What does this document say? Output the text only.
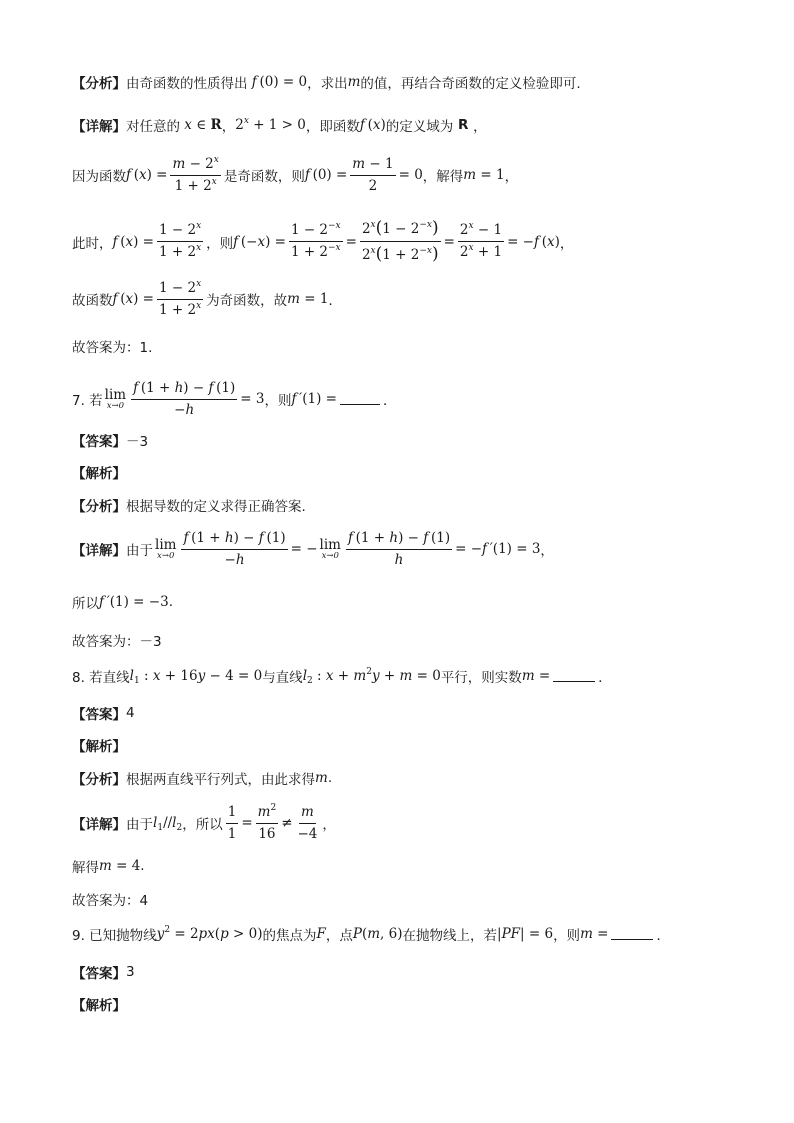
【分析】 由奇函数的性质得出 f (0) = 0 ，求出 m 的值，再结合奇函数的定义检验即可.
【详解】 对任意的 x ∈ R ， $2^x + 1 > 0$ ，即函数 f (x) 的定义域为 R ，
因为函数 f $(x) = \frac{m - 2^x}{1 + 2^x}$ 是奇函数，则 f $(0) = \frac{m - 1}{2} = 0$ ，解得 m = 1 ，
此时， f $(x) = \frac{1 - 2^x}{1 + 2^x}$ ，则 f $(-x) = \frac{1 - 2^{-x}}{1 + 2^{-x}} = \frac{2^x(1 - 2^{-x})}{2^x(1 + 2^{-x})} = \frac{2^x - 1}{2^x + 1} = -f$ (x) ，
故函数 f $(x) = \frac{1 - 2^x}{1 + 2^x}$ 为奇函数，故 m = 1 ．
故答案为：1.
7. 若 lim
$x\to 0 \frac{f (1 + h) - f (1)}{-h} = 3$ ，则 f ′(1) =	．
【答案】 －3
【解析】
【分析】 根据导数的定义求得正确答案.
【详解】 由于 lim
$x\to 0 \frac{f (1 + h) - f (1)}{-h}$ = − lim
$x\to 0 \frac{f (1 + h) - f (1)}{h} = -f$ ′(1) = 3 ，
所以 f ′(1) = −3 .
故答案为：－3
8. 若直线 $l_1$ : x + 16y − 4 = 0 与直线 $l_2$ : $x + m^2y + m = 0$ 平行，则实数 m =	．
【答案】 4
【解析】
【分析】 根据两直线平行列式，由此求得 m .
【详解】 由于 $l_1//l_2$ ，所以 $\frac{1}{1} = \frac{m^2}{16} \ne \frac{m}{-4}$ ，
解得 m = 4 .
故答案为：4
9. 已知抛物线 $y^2 = 2px(p > 0)$ 的焦点为 F ，点 P(m, 6) 在抛物线上，若 |PF| = 6 ，则 m =	．
【答案】 3
【解析】
